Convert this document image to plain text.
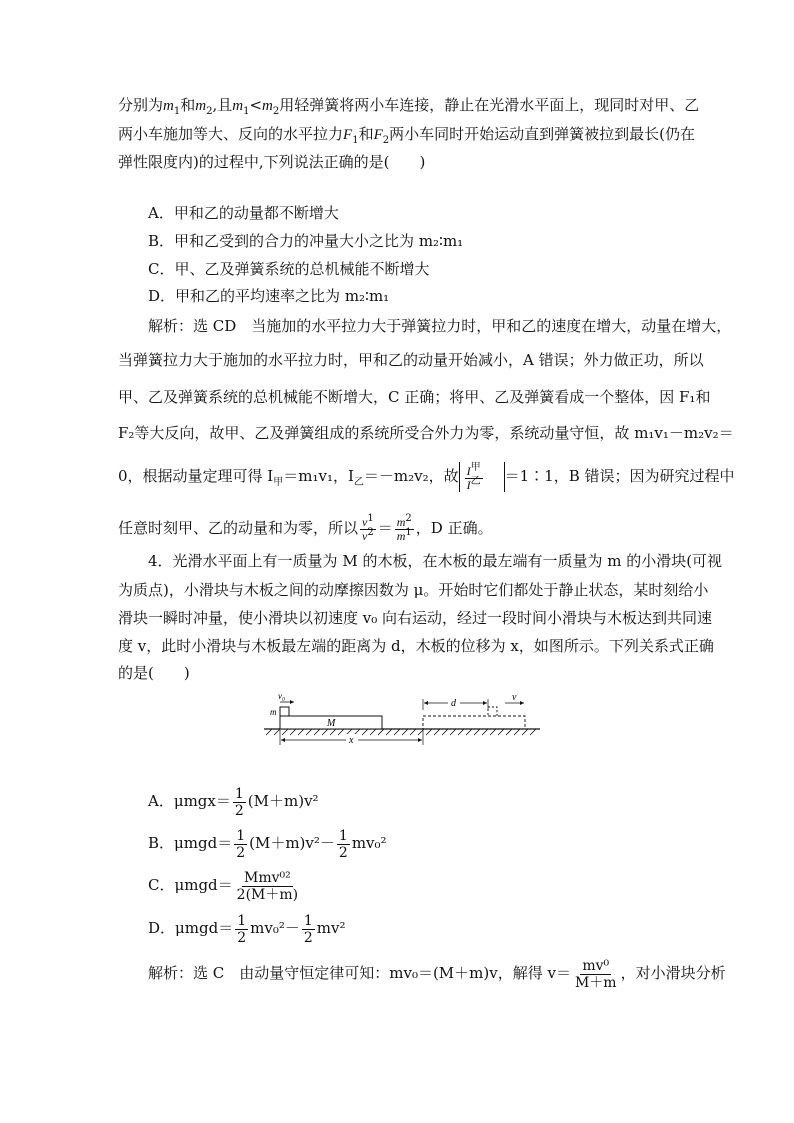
分别为$m_1$和$m_2$,且$m_1<m_2$用轻弹簧将两小车连接，静止在光滑水平面上，现同时对甲、乙
两小车施加等大、反向的水平拉力$F_1$和$F_2$两小车同时开始运动直到弹簧被拉到最长(仍在
弹性限度内)的过程中,下列说法正确的是(　　)
A．甲和乙的动量都不断增大
B．甲和乙受到的合力的冲量大小之比为 m₂∶m₁
C．甲、乙及弹簧系统的总机械能不断增大
D．甲和乙的平均速率之比为 m₂∶m₁
解析：选 CD　当施加的水平拉力大于弹簧拉力时，甲和乙的速度在增大，动量在增大，
当弹簧拉力大于施加的水平拉力时，甲和乙的动量开始减小，A 错误；外力做正功，所以
甲、乙及弹簧系统的总机械能不断增大，C 正确；将甲、乙及弹簧看成一个整体，因 F₁和
F₂等大反向，故甲、乙及弹簧组成的系统所受合外力为零，系统动量守恒，故 m₁v₁－m₂v₂＝
0，根据动量定理可得 $I_甲=m_1v_1$，$I_乙=-m_2v_2$，故 $\frac{I^甲}{I^乙}$ ＝1∶1，B 错误；因为研究过程中
任意时刻甲、乙的动量和为零，所以 $\frac{v^1}{v^2} = \frac{m^2}{m^1}$ ，D 正确。
4．光滑水平面上有一质量为 M 的木板，在木板的最左端有一质量为 m 的小滑块(可视
为质点)，小滑块与木板之间的动摩擦因数为 μ。开始时它们都处于静止状态，某时刻给小
滑块一瞬时冲量，使小滑块以初速度 v₀ 向右运动，经过一段时间小滑块与木板达到共同速
度 v，此时小滑块与木板最左端的距离为 d，木板的位移为 x，如图所示。下列关系式正确
的是(　　)
M
m
v₀
d
v
x
A．$\mu mgx= \frac{1}{2} (M+m)v^2$
B．$\mu mgd= \frac{1}{2} (M+m)v^2- \frac{1}{2} mv_0^2$
C．$\mu mgd= \frac{\text{Mmv⁰²}}{2(M+m)}$
D．$\mu mgd= \frac{1}{2} mv_0^2- \frac{1}{2} mv^2$
解析：选 C　由动量守恒定律可知：mv₀＝(M＋m)v，解得 $v= \frac{\text{mv⁰}}{M+m}$ ，对小滑块分析
